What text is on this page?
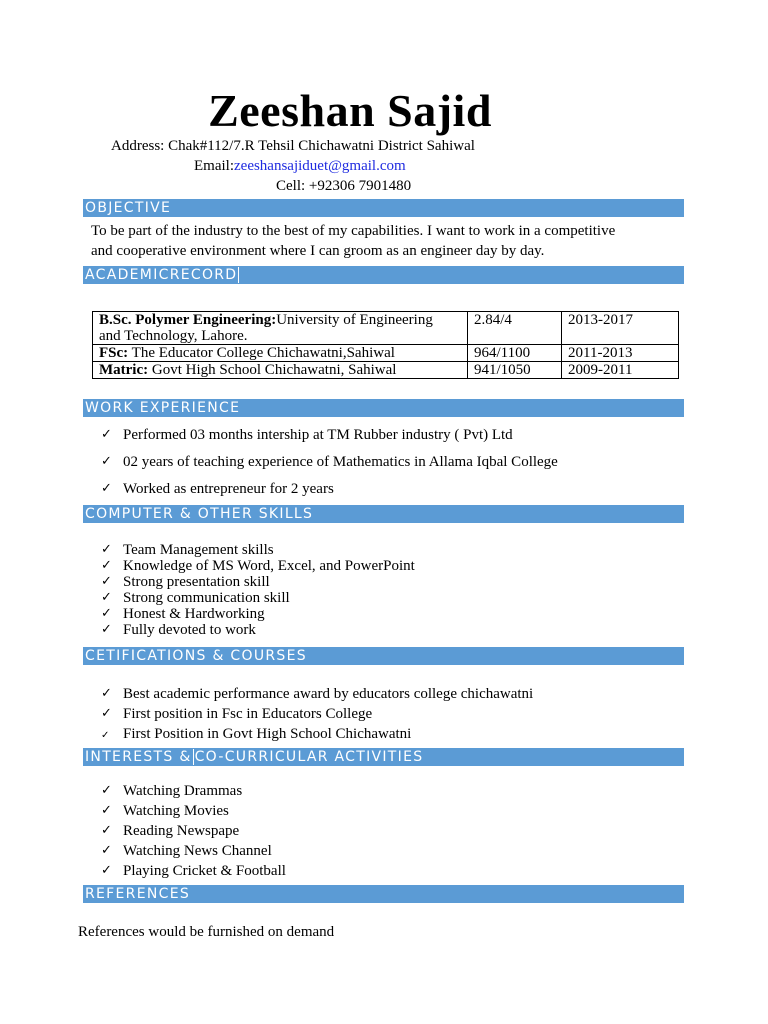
Zeeshan Sajid
Address: Chak#112/7.R Tehsil Chichawatni District Sahiwal
Email:zeeshansajiduet@gmail.com
Cell: +92306 7901480
OBJECTIVE
To be part of the industry to the best of my capabilities. I want to work in a competitive
and cooperative environment where I can groom as an engineer day by day.
ACADEMICRECORD
B.Sc. Polymer Engineering:University of Engineering
and Technology, Lahore.	2.84/4	2013-2017
FSc: The Educator College Chichawatni,Sahiwal	964/1100	2011-2013
Matric: Govt High School Chichawatni, Sahiwal	941/1050	2009-2011
WORK EXPERIENCE
✓ Performed 03 months intership at TM Rubber industry ( Pvt) Ltd
✓ 02 years of teaching experience of Mathematics in Allama Iqbal College
✓ Worked as entrepreneur for 2 years
COMPUTER & OTHER SKILLS
✓ Team Management skills
✓ Knowledge of MS Word, Excel, and PowerPoint
✓ Strong presentation skill
✓ Strong communication skill
✓ Honest & Hardworking
✓ Fully devoted to work
CETIFICATIONS & COURSES
✓ Best academic performance award by educators college chichawatni
✓ First position in Fsc in Educators College
✓ First Position in Govt High School Chichawatni
INTERESTS & CO-CURRICULAR ACTIVITIES
✓ Watching Drammas
✓ Watching Movies
✓ Reading Newspape
✓ Watching News Channel
✓ Playing Cricket & Football
REFERENCES
References would be furnished on demand
